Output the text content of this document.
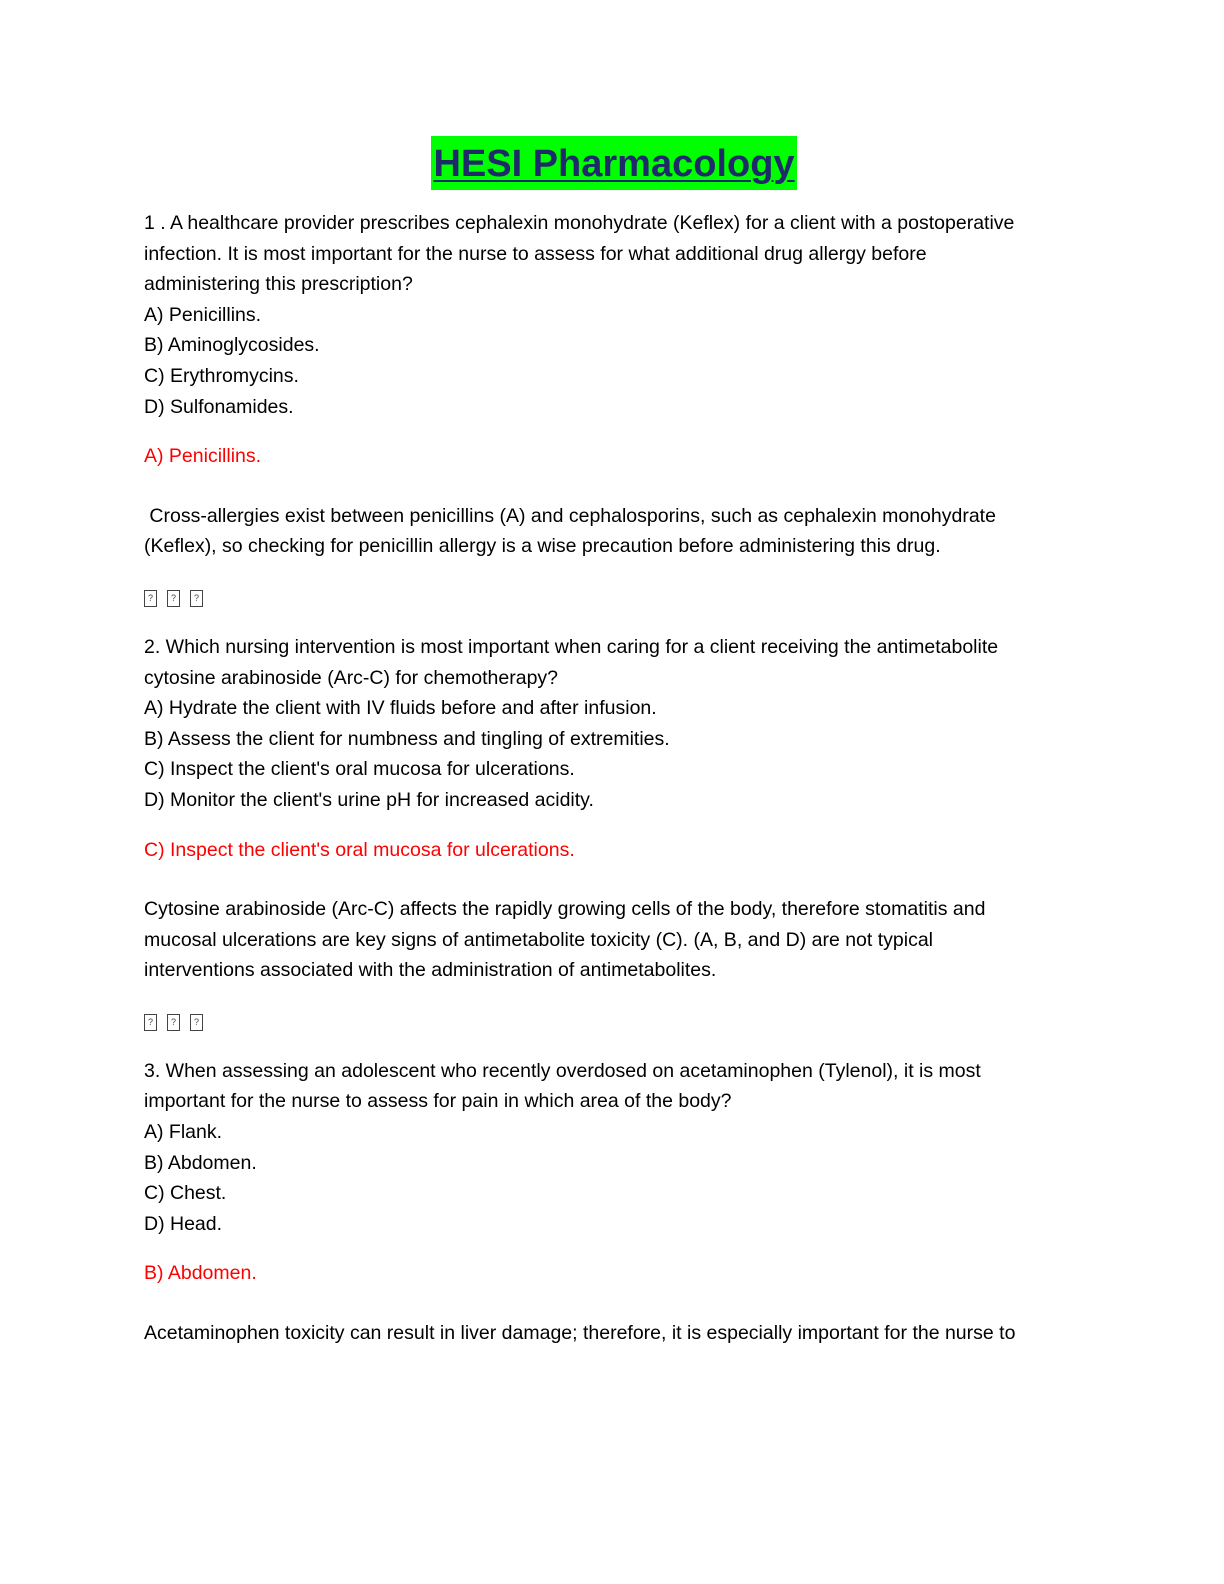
HESI Pharmacology
1 . A healthcare provider prescribes cephalexin monohydrate (Keflex) for a client with a postoperative
infection. It is most important for the nurse to assess for what additional drug allergy before
administering this prescription?
A) Penicillins.
B) Aminoglycosides.
C) Erythromycins.
D) Sulfonamides.
A) Penicillins.
Cross-allergies exist between penicillins (A) and cephalosporins, such as cephalexin monohydrate
(Keflex), so checking for penicillin allergy is a wise precaution before administering this drug.
?	?	?
2. Which nursing intervention is most important when caring for a client receiving the antimetabolite
cytosine arabinoside (Arc-C) for chemotherapy?
A) Hydrate the client with IV fluids before and after infusion.
B) Assess the client for numbness and tingling of extremities.
C) Inspect the client's oral mucosa for ulcerations.
D) Monitor the client's urine pH for increased acidity.
C) Inspect the client's oral mucosa for ulcerations.
Cytosine arabinoside (Arc-C) affects the rapidly growing cells of the body, therefore stomatitis and
mucosal ulcerations are key signs of antimetabolite toxicity (C). (A, B, and D) are not typical
interventions associated with the administration of antimetabolites.
?	?	?
3. When assessing an adolescent who recently overdosed on acetaminophen (Tylenol), it is most
important for the nurse to assess for pain in which area of the body?
A) Flank.
B) Abdomen.
C) Chest.
D) Head.
B) Abdomen.
Acetaminophen toxicity can result in liver damage; therefore, it is especially important for the nurse to
